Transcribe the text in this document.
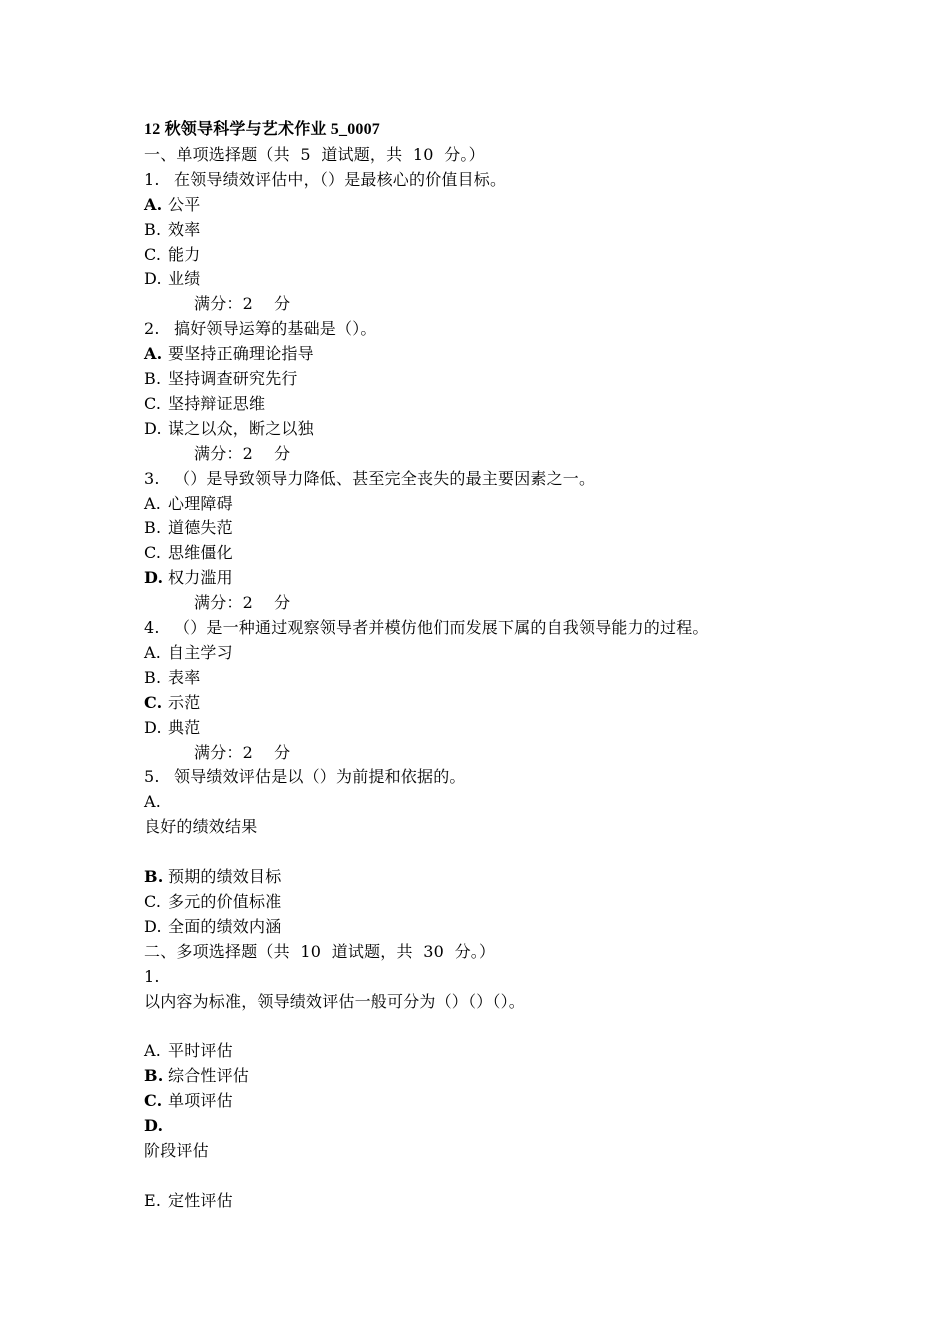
12 秋领导科学与艺术作业 5_0007
一、单项选择题（共  5  道试题，共  10  分。）
1. 在领导绩效评估中，（）是最核心的价值目标。
A. 公平
B. 效率
C. 能力
D. 业绩
满分：2    分
2. 搞好领导运筹的基础是（）。
A. 要坚持正确理论指导
B. 坚持调查研究先行
C. 坚持辩证思维
D. 谋之以众，断之以独
满分：2    分
3. （）是导致领导力降低、甚至完全丧失的最主要因素之一。
A. 心理障碍
B. 道德失范
C. 思维僵化
D. 权力滥用
满分：2    分
4. （）是一种通过观察领导者并模仿他们而发展下属的自我领导能力的过程。
A. 自主学习
B. 表率
C. 示范
D. 典范
满分：2    分
5. 领导绩效评估是以（）为前提和依据的。
A.
良好的绩效结果
B. 预期的绩效目标
C. 多元的价值标准
D. 全面的绩效内涵
二、多项选择题（共  10  道试题，共  30  分。）
1.
以内容为标准，领导绩效评估一般可分为（）（）（）。
A. 平时评估
B. 综合性评估
C. 单项评估
D.
阶段评估
E. 定性评估
